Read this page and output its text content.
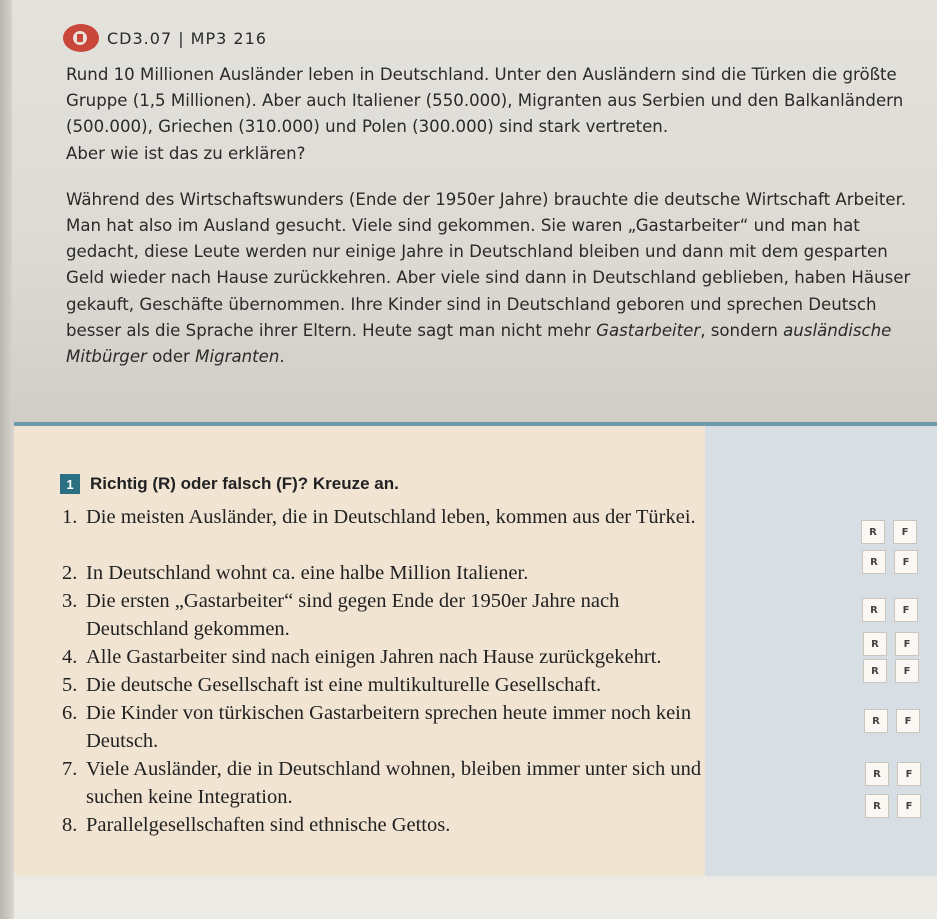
CD3.07 | MP3 216

Rund 10 Millionen Ausländer leben in Deutschland. Unter den Ausländern sind die Türken die größte Gruppe (1,5 Millionen). Aber auch Italiener (550.000), Migranten aus Serbien und den Balkanländern (500.000), Griechen (310.000) und Polen (300.000) sind stark vertreten.

Aber wie ist das zu erklären?

Während des Wirtschaftswunders (Ende der 1950er Jahre) brauchte die deutsche Wirtschaft Arbeiter. Man hat also im Ausland gesucht. Viele sind gekommen. Sie waren „Gastarbeiter“ und man hat gedacht, diese Leute werden nur einige Jahre in Deutschland bleiben und dann mit dem gesparten Geld wieder nach Hause zurückkehren. Aber viele sind dann in Deutschland geblieben, haben Häuser gekauft, Geschäfte übernommen. Ihre Kinder sind in Deutschland geboren und sprechen Deutsch besser als die Sprache ihrer Eltern. Heute sagt man nicht mehr Gastarbeiter, sondern ausländische Mitbürger oder Migranten.

1 Richtig (R) oder falsch (F)? Kreuze an.
1. Die meisten Ausländer, die in Deutschland leben, kommen aus der Türkei.
2. In Deutschland wohnt ca. eine halbe Million Italiener.
3. Die ersten „Gastarbeiter“ sind gegen Ende der 1950er Jahre nach Deutschland gekommen.
4. Alle Gastarbeiter sind nach einigen Jahren nach Hause zurückgekehrt.
5. Die deutsche Gesellschaft ist eine multikulturelle Gesellschaft.
6. Die Kinder von türkischen Gastarbeitern sprechen heute immer noch kein Deutsch.
7. Viele Ausländer, die in Deutschland wohnen, bleiben immer unter sich und suchen keine Integration.
8. Parallelgesellschaften sind ethnische Gettos.
R	F
R	F
R	F
R	F
R	F
R	F
R	F
R	F
